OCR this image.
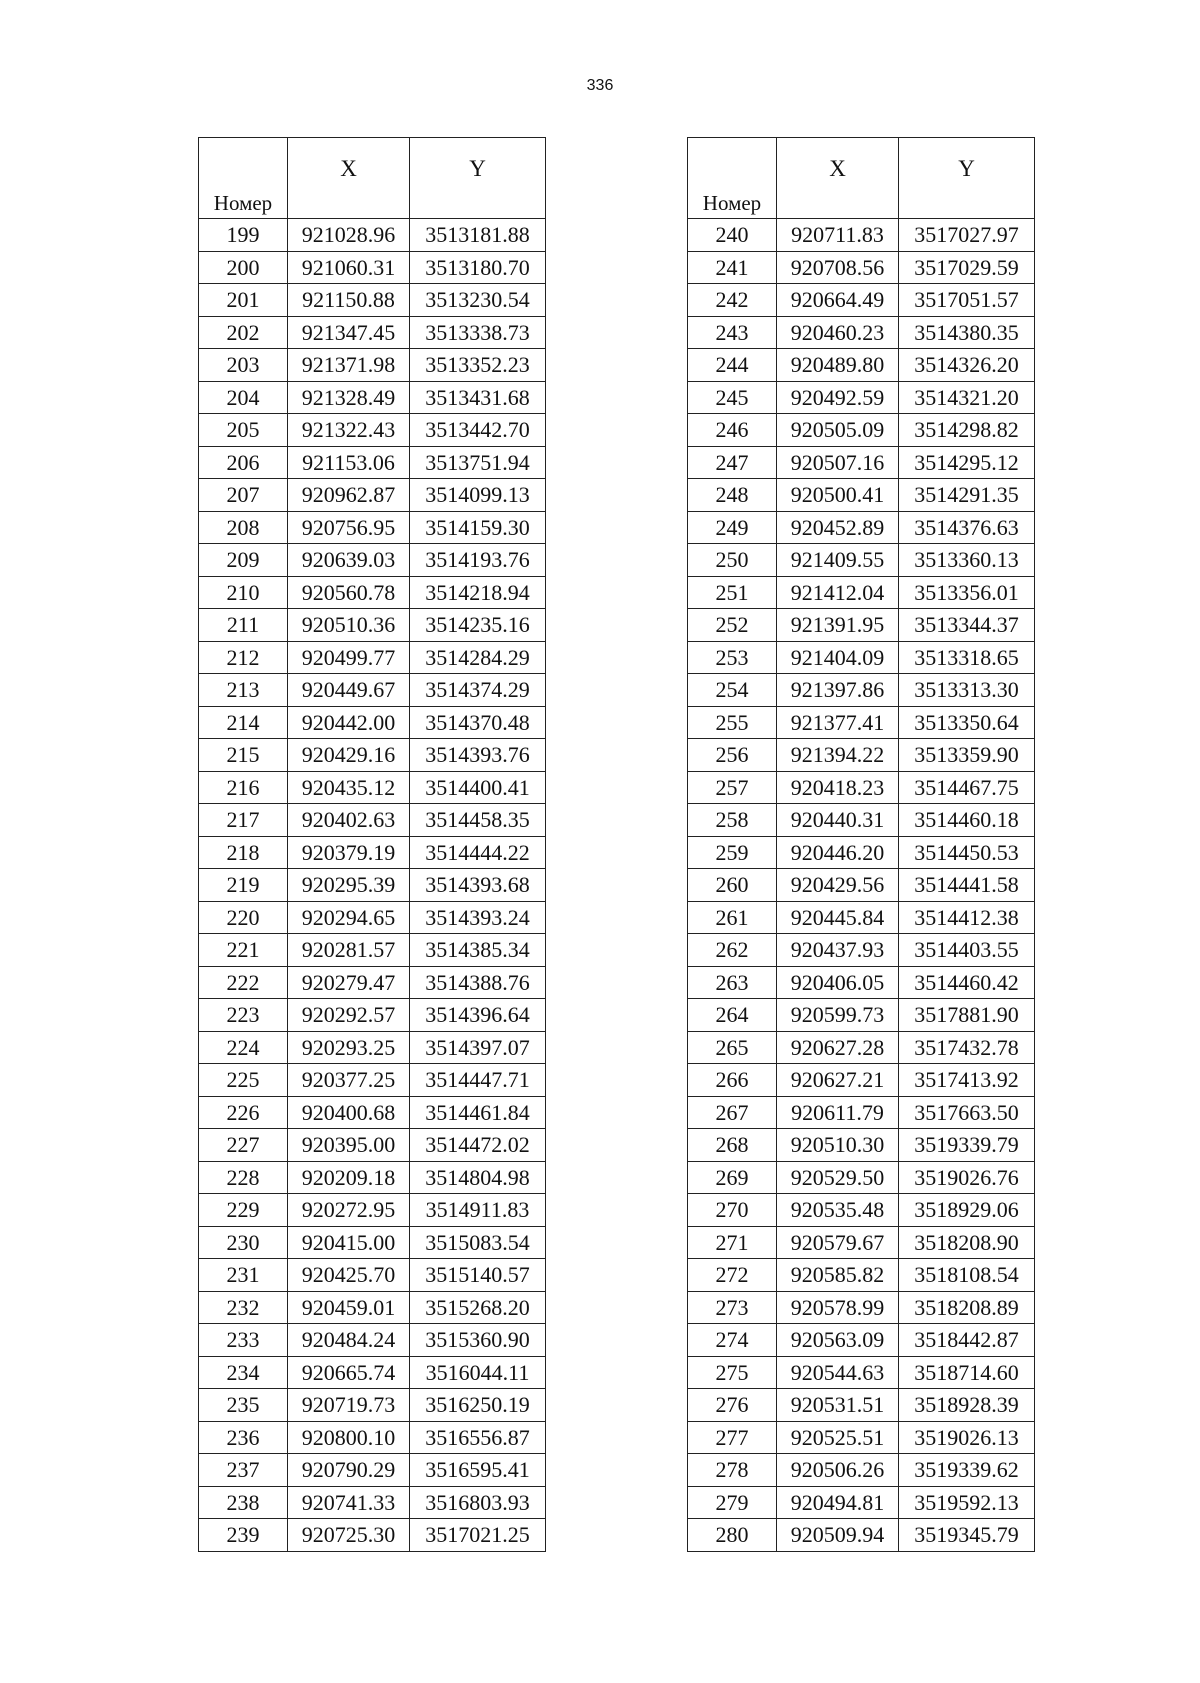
336
Номер	X	Y
199	921028.96	3513181.88
200	921060.31	3513180.70
201	921150.88	3513230.54
202	921347.45	3513338.73
203	921371.98	3513352.23
204	921328.49	3513431.68
205	921322.43	3513442.70
206	921153.06	3513751.94
207	920962.87	3514099.13
208	920756.95	3514159.30
209	920639.03	3514193.76
210	920560.78	3514218.94
211	920510.36	3514235.16
212	920499.77	3514284.29
213	920449.67	3514374.29
214	920442.00	3514370.48
215	920429.16	3514393.76
216	920435.12	3514400.41
217	920402.63	3514458.35
218	920379.19	3514444.22
219	920295.39	3514393.68
220	920294.65	3514393.24
221	920281.57	3514385.34
222	920279.47	3514388.76
223	920292.57	3514396.64
224	920293.25	3514397.07
225	920377.25	3514447.71
226	920400.68	3514461.84
227	920395.00	3514472.02
228	920209.18	3514804.98
229	920272.95	3514911.83
230	920415.00	3515083.54
231	920425.70	3515140.57
232	920459.01	3515268.20
233	920484.24	3515360.90
234	920665.74	3516044.11
235	920719.73	3516250.19
236	920800.10	3516556.87
237	920790.29	3516595.41
238	920741.33	3516803.93
239	920725.30	3517021.25
Номер	X	Y
240	920711.83	3517027.97
241	920708.56	3517029.59
242	920664.49	3517051.57
243	920460.23	3514380.35
244	920489.80	3514326.20
245	920492.59	3514321.20
246	920505.09	3514298.82
247	920507.16	3514295.12
248	920500.41	3514291.35
249	920452.89	3514376.63
250	921409.55	3513360.13
251	921412.04	3513356.01
252	921391.95	3513344.37
253	921404.09	3513318.65
254	921397.86	3513313.30
255	921377.41	3513350.64
256	921394.22	3513359.90
257	920418.23	3514467.75
258	920440.31	3514460.18
259	920446.20	3514450.53
260	920429.56	3514441.58
261	920445.84	3514412.38
262	920437.93	3514403.55
263	920406.05	3514460.42
264	920599.73	3517881.90
265	920627.28	3517432.78
266	920627.21	3517413.92
267	920611.79	3517663.50
268	920510.30	3519339.79
269	920529.50	3519026.76
270	920535.48	3518929.06
271	920579.67	3518208.90
272	920585.82	3518108.54
273	920578.99	3518208.89
274	920563.09	3518442.87
275	920544.63	3518714.60
276	920531.51	3518928.39
277	920525.51	3519026.13
278	920506.26	3519339.62
279	920494.81	3519592.13
280	920509.94	3519345.79
